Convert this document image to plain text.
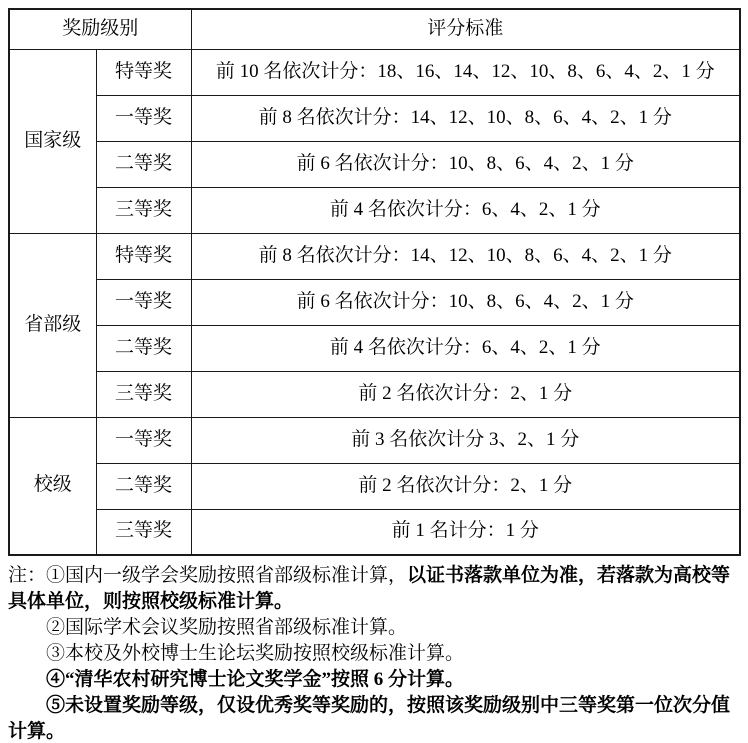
奖励级别		评分标准
国家级	特等奖	前 10 名依次计分：18、16、14、12、10、8、6、4、2、1 分
	一等奖	前 8 名依次计分：14、12、10、8、6、4、2、1 分
	二等奖	前 6 名依次计分：10、8、6、4、2、1 分
	三等奖	前 4 名依次计分：6、4、2、1 分
省部级	特等奖	前 8 名依次计分：14、12、10、8、6、4、2、1 分
	一等奖	前 6 名依次计分：10、8、6、4、2、1 分
	二等奖	前 4 名依次计分：6、4、2、1 分
	三等奖	前 2 名依次计分：2、1 分
校级	一等奖	前 3 名依次计分 3、2、1 分
	二等奖	前 2 名依次计分：2、1 分
	三等奖	前 1 名计分：1 分

注：①国内一级学会奖励按照省部级标准计算，以证书落款单位为准，若落款为高校等具体单位，则按照校级标准计算。

②国际学术会议奖励按照省部级标准计算。

③本校及外校博士生论坛奖励按照校级标准计算。

④“清华农村研究博士论文奖学金”按照 6 分计算。

⑤未设置奖励等级，仅设优秀奖等奖励的，按照该奖励级别中三等奖第一位次分值计算。
